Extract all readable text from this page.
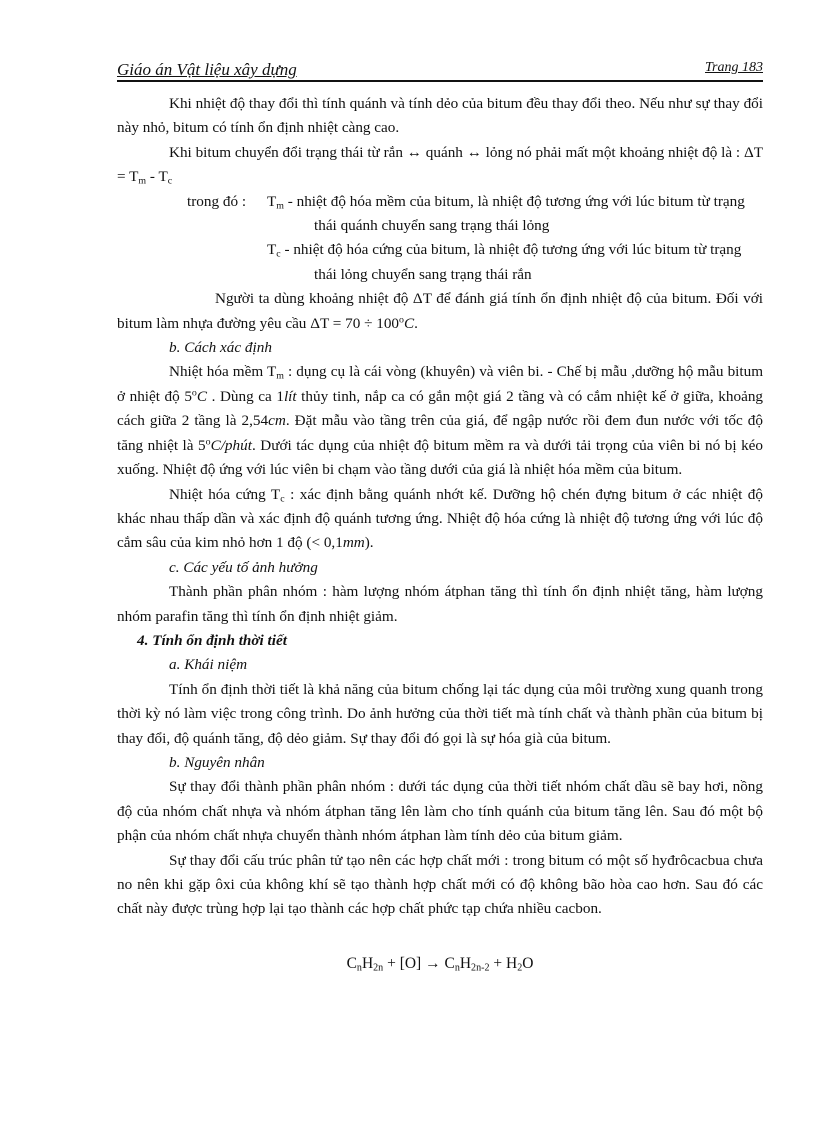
Giáo án Vật liệu xây dựng	Trang 183

Khi nhiệt độ thay đổi thì tính quánh và tính dẻo của bitum đều thay đổi theo. Nếu như sự thay đổi này nhỏ, bitum có tính ổn định nhiệt càng cao.

Khi bitum chuyển đổi trạng thái từ rắn ↔ quánh ↔ lỏng nó phải mất một khoảng nhiệt độ là : $\Delta T = T_m - T_c$

trong đó :	$T_m$ - nhiệt độ hóa mềm của bitum, là nhiệt độ tương ứng với lúc bitum từ trạng thái quánh chuyển sang trạng thái lỏng
$T_c$ - nhiệt độ hóa cứng của bitum, là nhiệt độ tương ứng với lúc bitum từ trạng thái lỏng chuyển sang trạng thái rắn

Người ta dùng khoảng nhiệt độ ΔT để đánh giá tính ổn định nhiệt độ của bitum. Đối với bitum làm nhựa đường yêu cầu $\Delta T = 70 \div 100^oC$.

b. Cách xác định

Nhiệt hóa mềm $T_m$ : dụng cụ là cái vòng (khuyên) và viên bi. - Chế bị mẫu ,dưỡng hộ mẫu bitum ở nhiệt độ 5$^o$C . Dùng ca 1lít thủy tinh, nắp ca có gắn một giá 2 tầng và có cắm nhiệt kế ở giữa, khoảng cách giữa 2 tầng là 2,54cm. Đặt mẫu vào tầng trên của giá, để ngập nước rồi đem đun nước với tốc độ tăng nhiệt là 5$^o$C/phút. Dưới tác dụng của nhiệt độ bitum mềm ra và dưới tải trọng của viên bi nó bị kéo xuống. Nhiệt độ ứng với lúc viên bi chạm vào tầng dưới của giá là nhiệt hóa mềm của bitum.

Nhiệt hóa cứng $T_c$ : xác định bằng quánh nhớt kế. Dưỡng hộ chén đựng bitum ở các nhiệt độ khác nhau thấp dần và xác định độ quánh tương ứng. Nhiệt độ hóa cứng là nhiệt độ tương ứng với lúc độ cắm sâu của kim nhỏ hơn 1 độ (< 0,1mm).

c. Các yếu tố ảnh hưởng

Thành phần phân nhóm : hàm lượng nhóm átphan tăng thì tính ổn định nhiệt tăng, hàm lượng nhóm parafin tăng thì tính ổn định nhiệt giảm.

4. Tính ổn định thời tiết

a. Khái niệm

Tính ổn định thời tiết là khả năng của bitum chống lại tác dụng của môi trường xung quanh trong thời kỳ nó làm việc trong công trình. Do ảnh hưởng của thời tiết mà tính chất và thành phần của bitum bị thay đổi, độ quánh tăng, độ dẻo giảm. Sự thay đổi đó gọi là sự hóa già của bitum.

b. Nguyên nhân

Sự thay đổi thành phần phân nhóm : dưới tác dụng của thời tiết nhóm chất dầu sẽ bay hơi, nồng độ của nhóm chất nhựa và nhóm átphan tăng lên làm cho tính quánh của bitum tăng lên. Sau đó một bộ phận của nhóm chất nhựa chuyển thành nhóm átphan làm tính dẻo của bitum giảm.

Sự thay đổi cấu trúc phân tử tạo nên các hợp chất mới : trong bitum có một số hyđrôcacbua chưa no nên khi gặp ôxi của không khí sẽ tạo thành hợp chất mới có độ không bão hòa cao hơn. Sau đó các chất này được trùng hợp lại tạo thành các hợp chất phức tạp chứa nhiều cacbon.

$C_nH_{2n} + [O] \to C_nH_{2n-2} + H_2O$
